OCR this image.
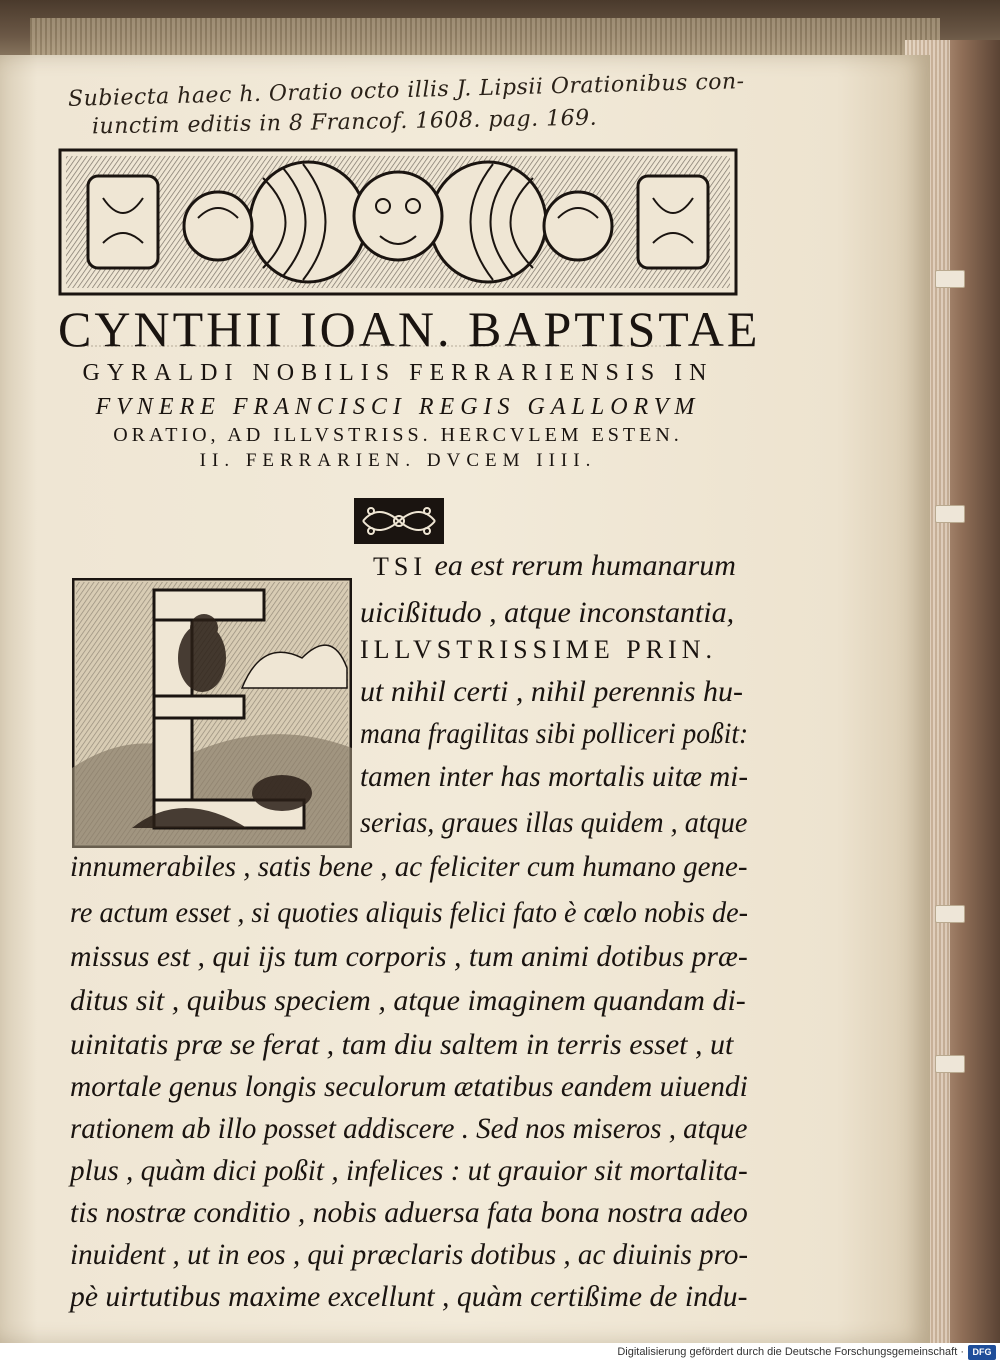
Subiecta haec h. Oratio octo illis J. Lipsii Orationibus con-
iunctim editis in 8 Francof. 1608. pag. 169.
CYNTHII IOAN. BAPTISTAE
GYRALDI NOBILIS FERRARIENSIS IN
FVNERE FRANCISCI REGIS GALLORVM
ORATIO, AD ILLVSTRISS. HERCVLEM ESTEN.
II. FERRARIEN. DVCEM IIII.
TSI ea est rerum humanarum
uicißitudo , atque inconstantia,
ILLVSTRISSIME PRIN.
ut nihil certi , nihil perennis hu-
mana fragilitas sibi polliceri poßit:
tamen inter has mortalis uitæ mi-
serias, graues illas quidem , atque
innumerabiles , satis bene , ac feliciter cum humano gene-
re actum esset , si quoties aliquis felici fato è cœlo nobis de-
missus est , qui ijs tum corporis , tum animi dotibus præ-
ditus sit , quibus speciem , atque imaginem quandam di-
uinitatis præ se ferat , tam diu saltem in terris esset , ut
mortale genus longis seculorum ætatibus eandem uiuendi
rationem ab illo posset addiscere . Sed nos miseros , atque
plus , quàm dici poßit , infelices : ut grauior sit mortalita-
tis nostræ conditio , nobis aduersa fata bona nostra adeo
inuident , ut in eos , qui præclaris dotibus , ac diuinis pro-
pè uirtutibus maxime excellunt , quàm certißime de indu-
Digitalisierung gefördert durch die Deutsche Forschungsgemeinschaft · DFG
